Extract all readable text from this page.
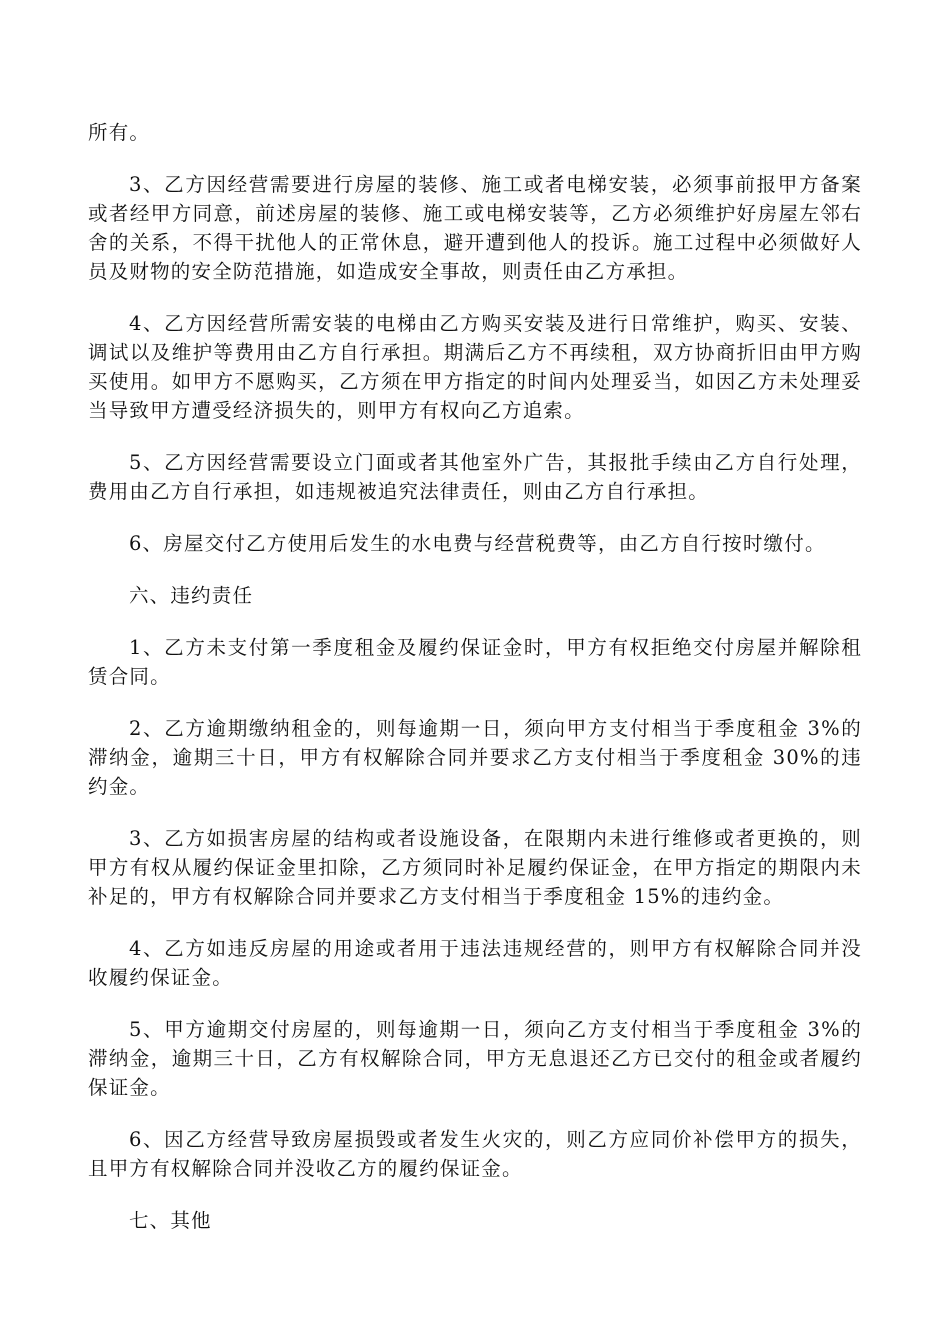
所有。

3、乙方因经营需要进行房屋的装修、施工或者电梯安装，必须事前报甲方备案或者经甲方同意，前述房屋的装修、施工或电梯安装等，乙方必须维护好房屋左邻右舍的关系，不得干扰他人的正常休息，避开遭到他人的投诉。施工过程中必须做好人员及财物的安全防范措施，如造成安全事故，则责任由乙方承担。

4、乙方因经营所需安装的电梯由乙方购买安装及进行日常维护，购买、安装、调试以及维护等费用由乙方自行承担。期满后乙方不再续租，双方协商折旧由甲方购买使用。如甲方不愿购买，乙方须在甲方指定的时间内处理妥当，如因乙方未处理妥当导致甲方遭受经济损失的，则甲方有权向乙方追索。

5、乙方因经营需要设立门面或者其他室外广告，其报批手续由乙方自行处理，费用由乙方自行承担，如违规被追究法律责任，则由乙方自行承担。

6、房屋交付乙方使用后发生的水电费与经营税费等，由乙方自行按时缴付。

六、违约责任

1、乙方未支付第一季度租金及履约保证金时，甲方有权拒绝交付房屋并解除租赁合同。

2、乙方逾期缴纳租金的，则每逾期一日，须向甲方支付相当于季度租金 3%的滞纳金，逾期三十日，甲方有权解除合同并要求乙方支付相当于季度租金 30%的违约金。

3、乙方如损害房屋的结构或者设施设备，在限期内未进行维修或者更换的，则甲方有权从履约保证金里扣除，乙方须同时补足履约保证金，在甲方指定的期限内未补足的，甲方有权解除合同并要求乙方支付相当于季度租金 15%的违约金。

4、乙方如违反房屋的用途或者用于违法违规经营的，则甲方有权解除合同并没收履约保证金。

5、甲方逾期交付房屋的，则每逾期一日，须向乙方支付相当于季度租金 3%的滞纳金，逾期三十日，乙方有权解除合同，甲方无息退还乙方已交付的租金或者履约保证金。

6、因乙方经营导致房屋损毁或者发生火灾的，则乙方应同价补偿甲方的损失，且甲方有权解除合同并没收乙方的履约保证金。

七、其他
